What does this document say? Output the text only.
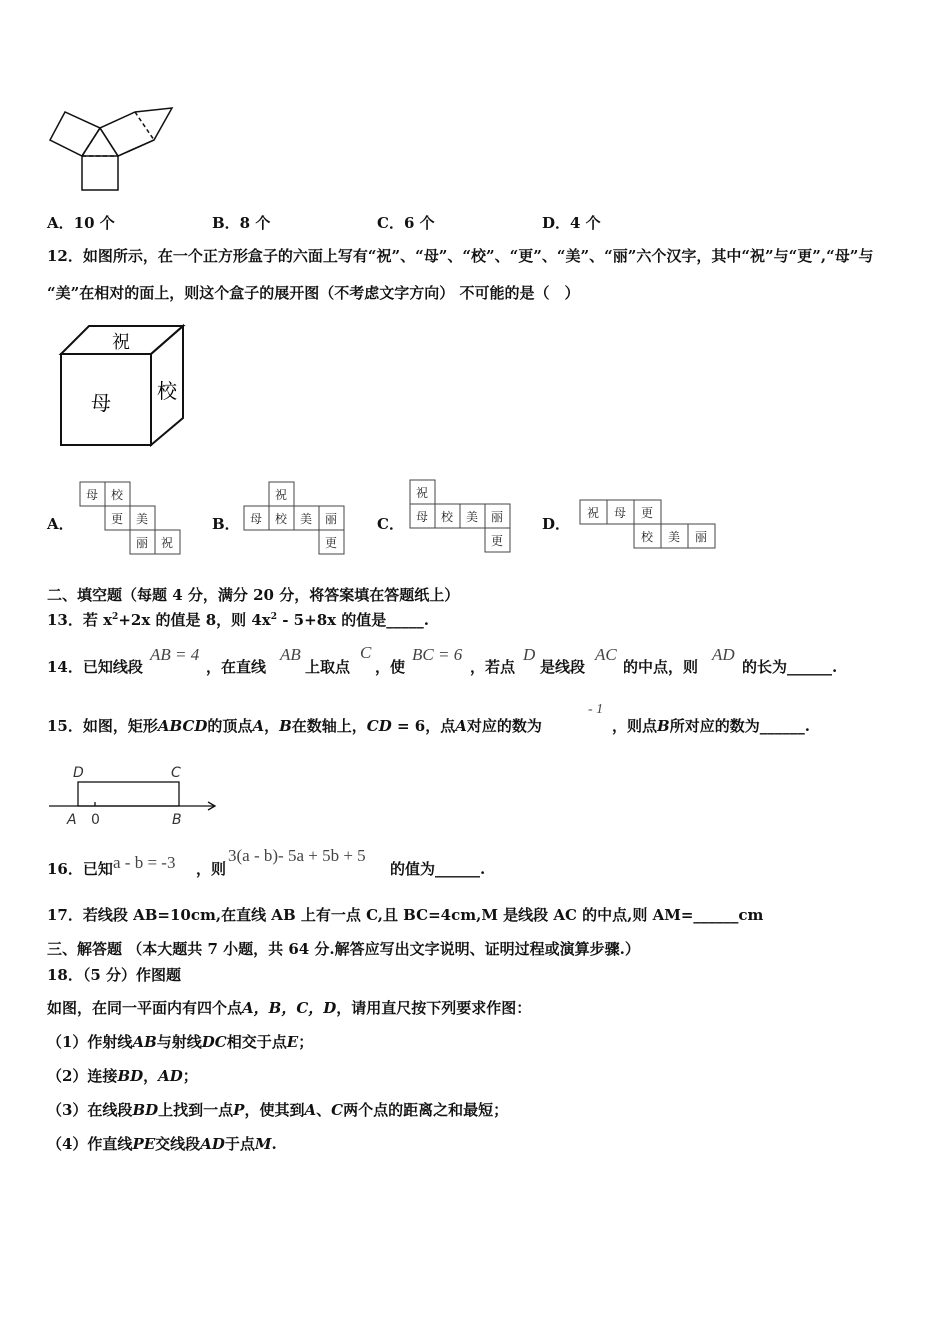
A．10 个	B．8 个	C．6 个	D．4 个
12．如图所示，在一个正方形盒子的六面上写有“祝”、“母”、“校”、“更”、“美”、“丽”六个汉字，其中“祝”与“更”,“母”与
“美”在相对的面上，则这个盒子的展开图（不考虑文字方向） 不可能的是（　）
祝
母 校
A．	B．	C．	D．
母 校
更 美
丽 祝
祝
母 校 美 丽
更
祝
母 校 美 丽
更
祝 母 更
校 美 丽
二、填空题（每题 4 分，满分 20 分，将答案填在答题纸上）
13．若 $x^2+2x$ 的值是 8，则 $4x^2 - 5+8x$ 的值是_____.
14．已知线段
AB = 4
，在直线
AB
上取点
C
，使
BC = 6
，若点
D
是线段
AC
的中点，则
AD
的长为______.
15．如图，矩形ABCD的顶点A，B在数轴上，CD = 6，点A对应的数为
- 1
，则点B所对应的数为______.
D	C
A	B
0
16．已知 a - b = -3 ，则
3(a - b)- 5a + 5b + 5
的值为______.
17．若线段 AB=10cm,在直线 AB 上有一点 C,且 BC=4cm,M 是线段 AC 的中点,则 AM=______cm
三、解答题 （本大题共 7 小题，共 64 分.解答应写出文字说明、证明过程或演算步骤.）
18．（5 分）作图题
如图，在同一平面内有四个点A，B，C，D，请用直尺按下列要求作图：
（1）作射线AB与射线DC相交于点E；
（2）连接BD，AD；
（3）在线段BD上找到一点P，使其到A、C两个点的距离之和最短；
（4）作直线PE交线段AD于点M.
